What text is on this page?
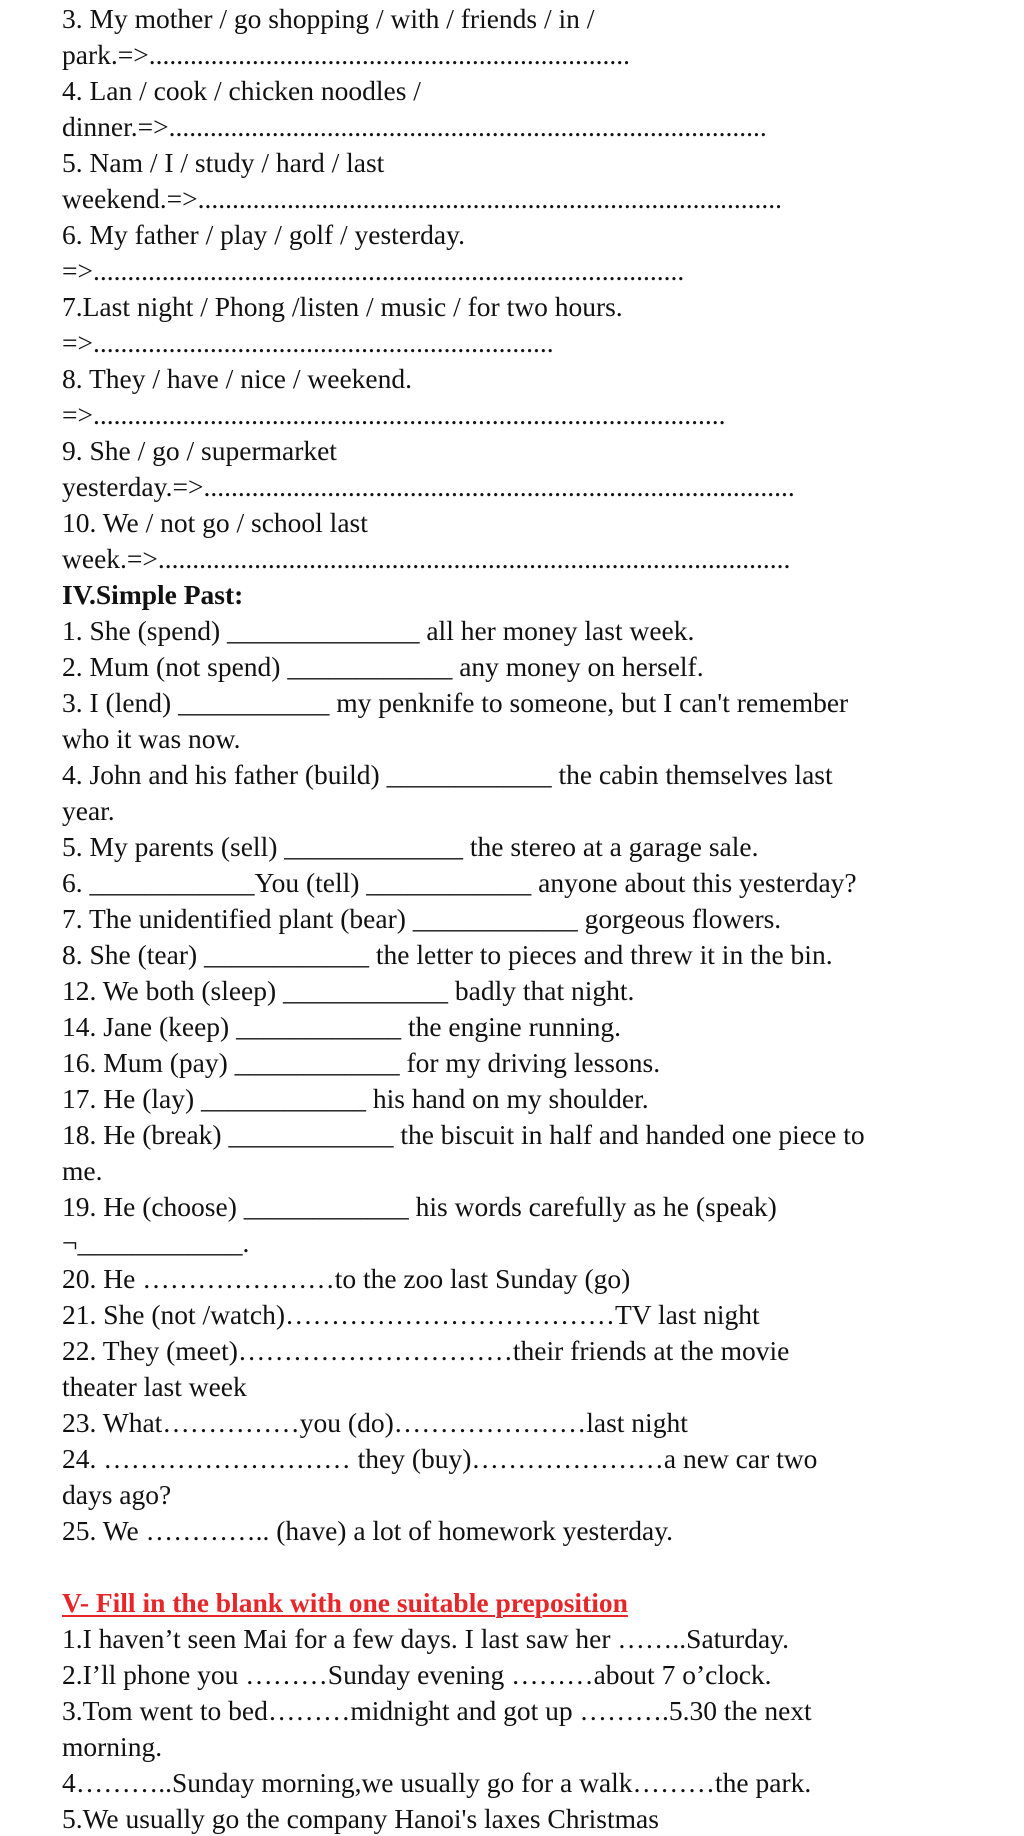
3. My mother / go shopping / with / friends / in /
park.=>......................................................................
4. Lan / cook / chicken noodles /
dinner.=>.......................................................................................
5. Nam / I / study / hard / last
weekend.=>.....................................................................................
6. My father / play / golf / yesterday.
=>......................................................................................
7.Last night / Phong /listen / music / for two hours.
=>...................................................................
8. They / have / nice / weekend.
=>............................................................................................
9. She / go / supermarket
yesterday.=>......................................................................................
10. We / not go / school last
week.=>............................................................................................
IV.Simple Past:
1. She (spend) ______________ all her money last week.
2. Mum (not spend) ____________ any money on herself.
3. I (lend) ___________ my penknife to someone, but I can't remember
who it was now.
4. John and his father (build) ____________ the cabin themselves last
year.
5. My parents (sell) _____________ the stereo at a garage sale.
6. ____________You (tell) ____________ anyone about this yesterday?
7. The unidentified plant (bear) ____________ gorgeous flowers.
8. She (tear) ____________ the letter to pieces and threw it in the bin.
12. We both (sleep) ____________ badly that night.
14. Jane (keep) ____________ the engine running.
16. Mum (pay) ____________ for my driving lessons.
17. He (lay) ____________ his hand on my shoulder.
18. He (break) ____________ the biscuit in half and handed one piece to
me.
19. He (choose) ____________ his words carefully as he (speak)
¬____________.
20. He …………………to the zoo last Sunday (go)
21. She (not /watch)………………………………TV last night
22. They (meet)…………………………their friends at the movie
theater last week
23. What……………you (do)…………………last night
24. ……………………… they (buy)…………………a new car two
days ago?
25. We ………….. (have) a lot of homework yesterday.
V- Fill in the blank with one suitable preposition
1.I haven’t seen Mai for a few days. I last saw her ……..Saturday.
2.I’ll phone you ………Sunday evening ………about 7 o’clock.
3.Tom went to bed………midnight and got up ……….5.30 the next
morning.
4………..Sunday morning,we usually go for a walk………the park.
5.We usually go the company Hanoi's laxes Christmas
